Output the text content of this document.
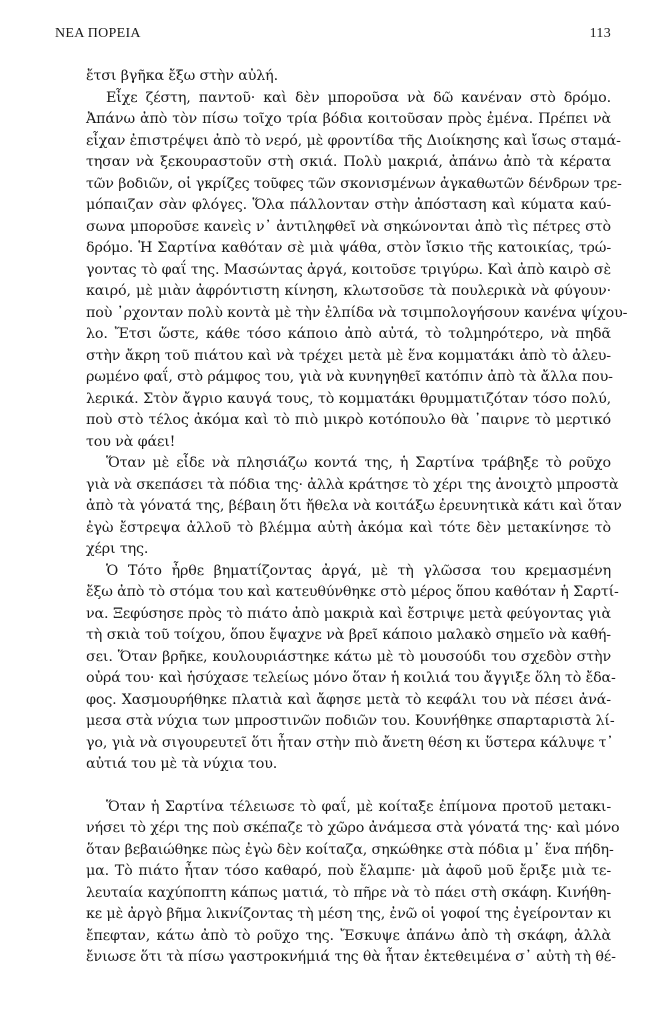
ΝΕΑ ΠΟΡΕΙΑ	113
ἔτσι βγῆκα ἔξω στὴν αὐλή.
Εἶχε ζέστη, παντοῦ· καὶ δὲν μποροῦσα νὰ δῶ κανέναν στὸ δρόμο.
Ἀπάνω ἀπὸ τὸν πίσω τοῖχο τρία βόδια κοιτοῦσαν πρὸς ἐμένα. Πρέπει νὰ
εἶχαν ἐπιστρέψει ἀπὸ τὸ νερό, μὲ φροντίδα τῆς Διοίκησης καὶ ἴσως σταμά-
τησαν νὰ ξεκουραστοῦν στὴ σκιά. Πολὺ μακριά, ἀπάνω ἀπὸ τὰ κέρατα
τῶν βοδιῶν, οἱ γκρίζες τοῦφες τῶν σκονισμένων ἀγκαθωτῶν δένδρων τρε-
μόπαιζαν σὰν φλόγες. Ὅλα πάλλονταν στὴν ἀπόσταση καὶ κύματα καύ-
σωνα μποροῦσε κανεὶς ν᾽ ἀντιληφθεῖ νὰ σηκώνονται ἀπὸ τὶς πέτρες στὸ
δρόμο. Ἡ Σαρτίνα καθόταν σὲ μιὰ ψάθα, στὸν ἴσκιο τῆς κατοικίας, τρώ-
γοντας τὸ φαΐ της. Μασώντας ἀργά, κοιτοῦσε τριγύρω. Καὶ ἀπὸ καιρὸ σὲ
καιρό, μὲ μιὰν ἀφρόντιστη κίνηση, κλωτσοῦσε τὰ πουλερικὰ νὰ φύγουν·
ποὺ ᾽ρχονταν πολὺ κοντὰ μὲ τὴν ἐλπίδα νὰ τσιμπολογήσουν κανένα ψίχου-
λο. Ἔτσι ὥστε, κάθε τόσο κάποιο ἀπὸ αὐτά, τὸ τολμηρότερο, νὰ πηδᾶ
στὴν ἄκρη τοῦ πιάτου καὶ νὰ τρέχει μετὰ μὲ ἕνα κομματάκι ἀπὸ τὸ ἀλευ-
ρωμένο φαΐ, στὸ ράμφος του, γιὰ νὰ κυνηγηθεῖ κατόπιν ἀπὸ τὰ ἄλλα που-
λερικά. Στὸν ἄγριο καυγά τους, τὸ κομματάκι θρυμματιζόταν τόσο πολύ,
ποὺ στὸ τέλος ἀκόμα καὶ τὸ πιὸ μικρὸ κοτόπουλο θὰ ᾽παιρνε τὸ μερτικό
του νὰ φάει!
Ὅταν μὲ εἶδε νὰ πλησιάζω κοντά της, ἡ Σαρτίνα τράβηξε τὸ ροῦχο
γιὰ νὰ σκεπάσει τὰ πόδια της· ἀλλὰ κράτησε τὸ χέρι της ἀνοιχτὸ μπροστὰ
ἀπὸ τὰ γόνατά της, βέβαιη ὅτι ἤθελα νὰ κοιτάξω ἐρευνητικὰ κάτι καὶ ὅταν
ἐγὼ ἔστρεψα ἀλλοῦ τὸ βλέμμα αὐτὴ ἀκόμα καὶ τότε δὲν μετακίνησε τὸ
χέρι της.
Ὁ Τότο ἦρθε βηματίζοντας ἀργά, μὲ τὴ γλῶσσα του κρεμασμένη
ἔξω ἀπὸ τὸ στόμα του καὶ κατευθύνθηκε στὸ μέρος ὅπου καθόταν ἡ Σαρτί-
να. Ξεφύσησε πρὸς τὸ πιάτο ἀπὸ μακριὰ καὶ ἔστριψε μετὰ φεύγοντας γιὰ
τὴ σκιὰ τοῦ τοίχου, ὅπου ἔψαχνε νὰ βρεῖ κάποιο μαλακὸ σημεῖο νὰ καθή-
σει. Ὅταν βρῆκε, κουλουριάστηκε κάτω μὲ τὸ μουσούδι του σχεδὸν στὴν
οὐρά του· καὶ ἡσύχασε τελείως μόνο ὅταν ἡ κοιλιά του ἄγγιξε ὅλη τὸ ἔδα-
φος. Χασμουρήθηκε πλατιὰ καὶ ἄφησε μετὰ τὸ κεφάλι του νὰ πέσει ἀνά-
μεσα στὰ νύχια των μπροστινῶν ποδιῶν του. Κουνήθηκε σπαρταριστὰ λί-
γο, γιὰ νὰ σιγουρευτεῖ ὅτι ἦταν στὴν πιὸ ἄνετη θέση κι ὕστερα κάλυψε τ᾽
αὐτιά του μὲ τὰ νύχια του.
Ὅταν ἡ Σαρτίνα τέλειωσε τὸ φαΐ, μὲ κοίταξε ἐπίμονα προτοῦ μετακι-
νήσει τὸ χέρι της ποὺ σκέπαζε τὸ χῶρο ἀνάμεσα στὰ γόνατά της· καὶ μόνο
ὅταν βεβαιώθηκε πὼς ἐγὼ δὲν κοίταζα, σηκώθηκε στὰ πόδια μ᾽ ἕνα πήδη-
μα. Τὸ πιάτο ἦταν τόσο καθαρό, ποὺ ἔλαμπε· μὰ ἀφοῦ μοῦ ἔριξε μιὰ τε-
λευταία καχύποπτη κάπως ματιά, τὸ πῆρε νὰ τὸ πάει στὴ σκάφη. Κινήθη-
κε μὲ ἀργὸ βῆμα λικνίζοντας τὴ μέση της, ἐνῶ οἱ γοφοί της ἐγείρονταν κι
ἔπεφταν, κάτω ἀπὸ τὸ ροῦχο της. Ἔσκυψε ἀπάνω ἀπὸ τὴ σκάφη, ἀλλὰ
ἔνιωσε ὅτι τὰ πίσω γαστροκνήμιά της θὰ ἦταν ἐκτεθειμένα σ᾽ αὐτὴ τὴ θέ-
